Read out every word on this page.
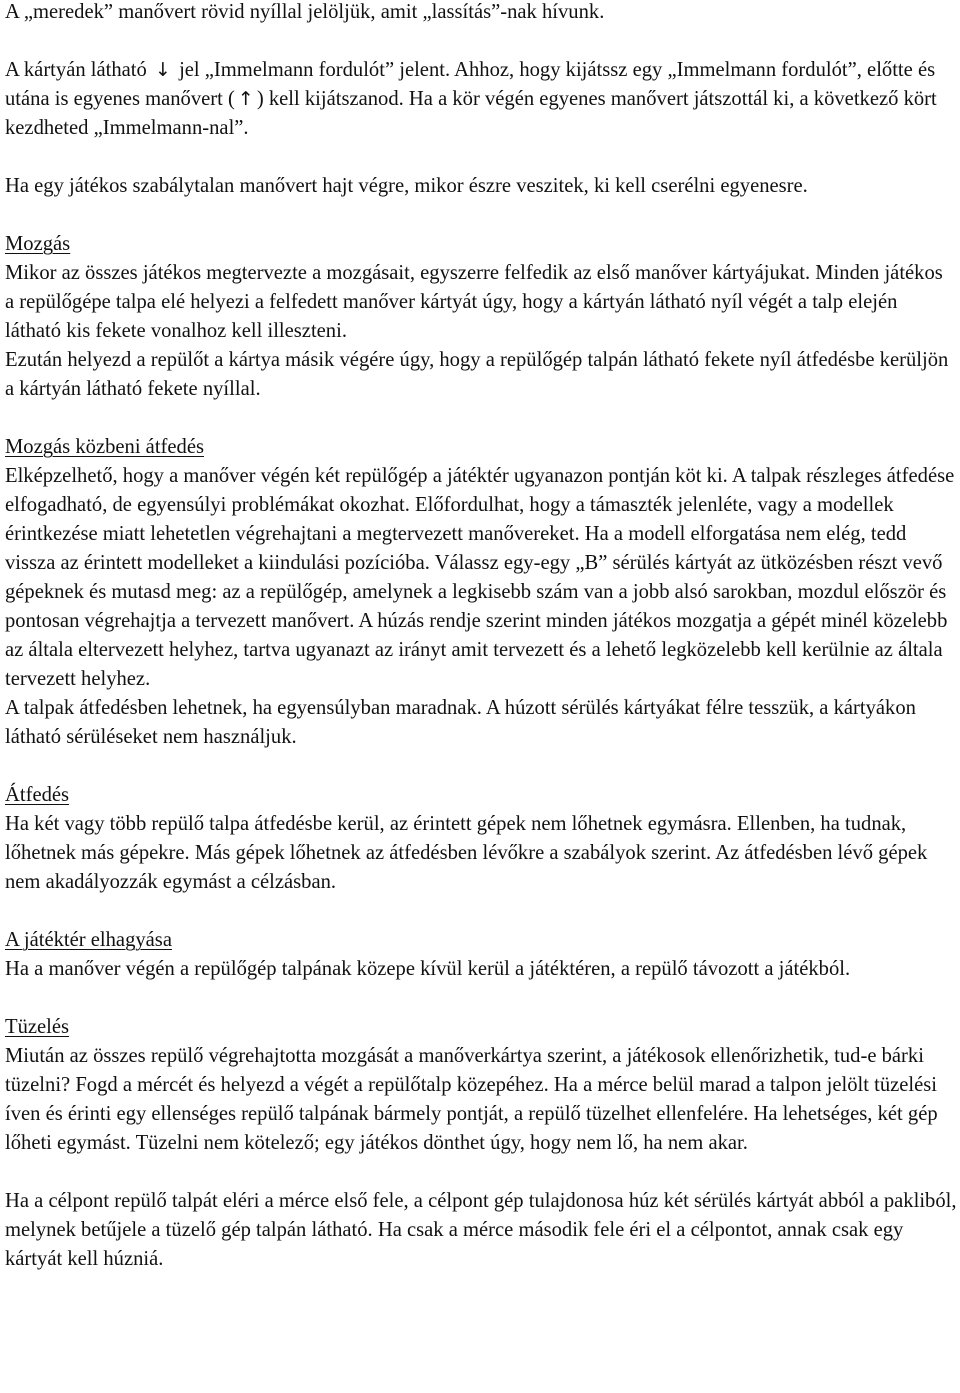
A „meredek” manővert rövid nyíllal jelöljük, amit „lassítás”-nak hívunk.

A kártyán látható ↓ jel „Immelmann fordulót” jelent. Ahhoz, hogy kijátssz egy „Immelmann fordulót”, előtte és utána is egyenes manővert ( ↑ ) kell kijátszanod. Ha a kör végén egyenes manővert játszottál ki, a következő kört kezdheted „Immelmann-nal”.

Ha egy játékos szabálytalan manővert hajt végre, mikor észre veszitek, ki kell cserélni egyenesre.

Mozgás

Mikor az összes játékos megtervezte a mozgásait, egyszerre felfedik az első manőver kártyájukat. Minden játékos a repülőgépe talpa elé helyezi a felfedett manőver kártyát úgy, hogy a kártyán látható nyíl végét a talp elején látható kis fekete vonalhoz kell illeszteni.

Ezután helyezd a repülőt a kártya másik végére úgy, hogy a repülőgép talpán látható fekete nyíl átfedésbe kerüljön a kártyán látható fekete nyíllal.

Mozgás közbeni átfedés

Elképzelhető, hogy a manőver végén két repülőgép a játéktér ugyanazon pontján köt ki. A talpak részleges átfedése elfogadható, de egyensúlyi problémákat okozhat. Előfordulhat, hogy a támaszték jelenléte, vagy a modellek érintkezése miatt lehetetlen végrehajtani a megtervezett manővereket. Ha a modell elforgatása nem elég, tedd vissza az érintett modelleket a kiindulási pozícióba. Válassz egy-egy „B” sérülés kártyát az ütközésben részt vevő gépeknek és mutasd meg: az a repülőgép, amelynek a legkisebb szám van a jobb alsó sarokban, mozdul először és pontosan végrehajtja a tervezett manővert. A húzás rendje szerint minden játékos mozgatja a gépét minél közelebb az általa eltervezett helyhez, tartva ugyanazt az irányt amit tervezett és a lehető legközelebb kell kerülnie az általa tervezett helyhez.

A talpak átfedésben lehetnek, ha egyensúlyban maradnak. A húzott sérülés kártyákat félre tesszük, a kártyákon látható sérüléseket nem használjuk.

Átfedés

Ha két vagy több repülő talpa átfedésbe kerül, az érintett gépek nem lőhetnek egymásra. Ellenben, ha tudnak, lőhetnek más gépekre. Más gépek lőhetnek az átfedésben lévőkre a szabályok szerint. Az átfedésben lévő gépek nem akadályozzák egymást a célzásban.

A játéktér elhagyása

Ha a manőver végén a repülőgép talpának közepe kívül kerül a játéktéren, a repülő távozott a játékból.

Tüzelés

Miután az összes repülő végrehajtotta mozgását a manőverkártya szerint, a játékosok ellenőrizhetik, tud-e bárki tüzelni? Fogd a mércét és helyezd a végét a repülőtalp közepéhez. Ha a mérce belül marad a talpon jelölt tüzelési íven és érinti egy ellenséges repülő talpának bármely pontját, a repülő tüzelhet ellenfelére. Ha lehetséges, két gép lőheti egymást. Tüzelni nem kötelező; egy játékos dönthet úgy, hogy nem lő, ha nem akar.

Ha a célpont repülő talpát eléri a mérce első fele, a célpont gép tulajdonosa húz két sérülés kártyát abból a pakliból, melynek betűjele a tüzelő gép talpán látható. Ha csak a mérce második fele éri el a célpontot, annak csak egy kártyát kell húzniá.
